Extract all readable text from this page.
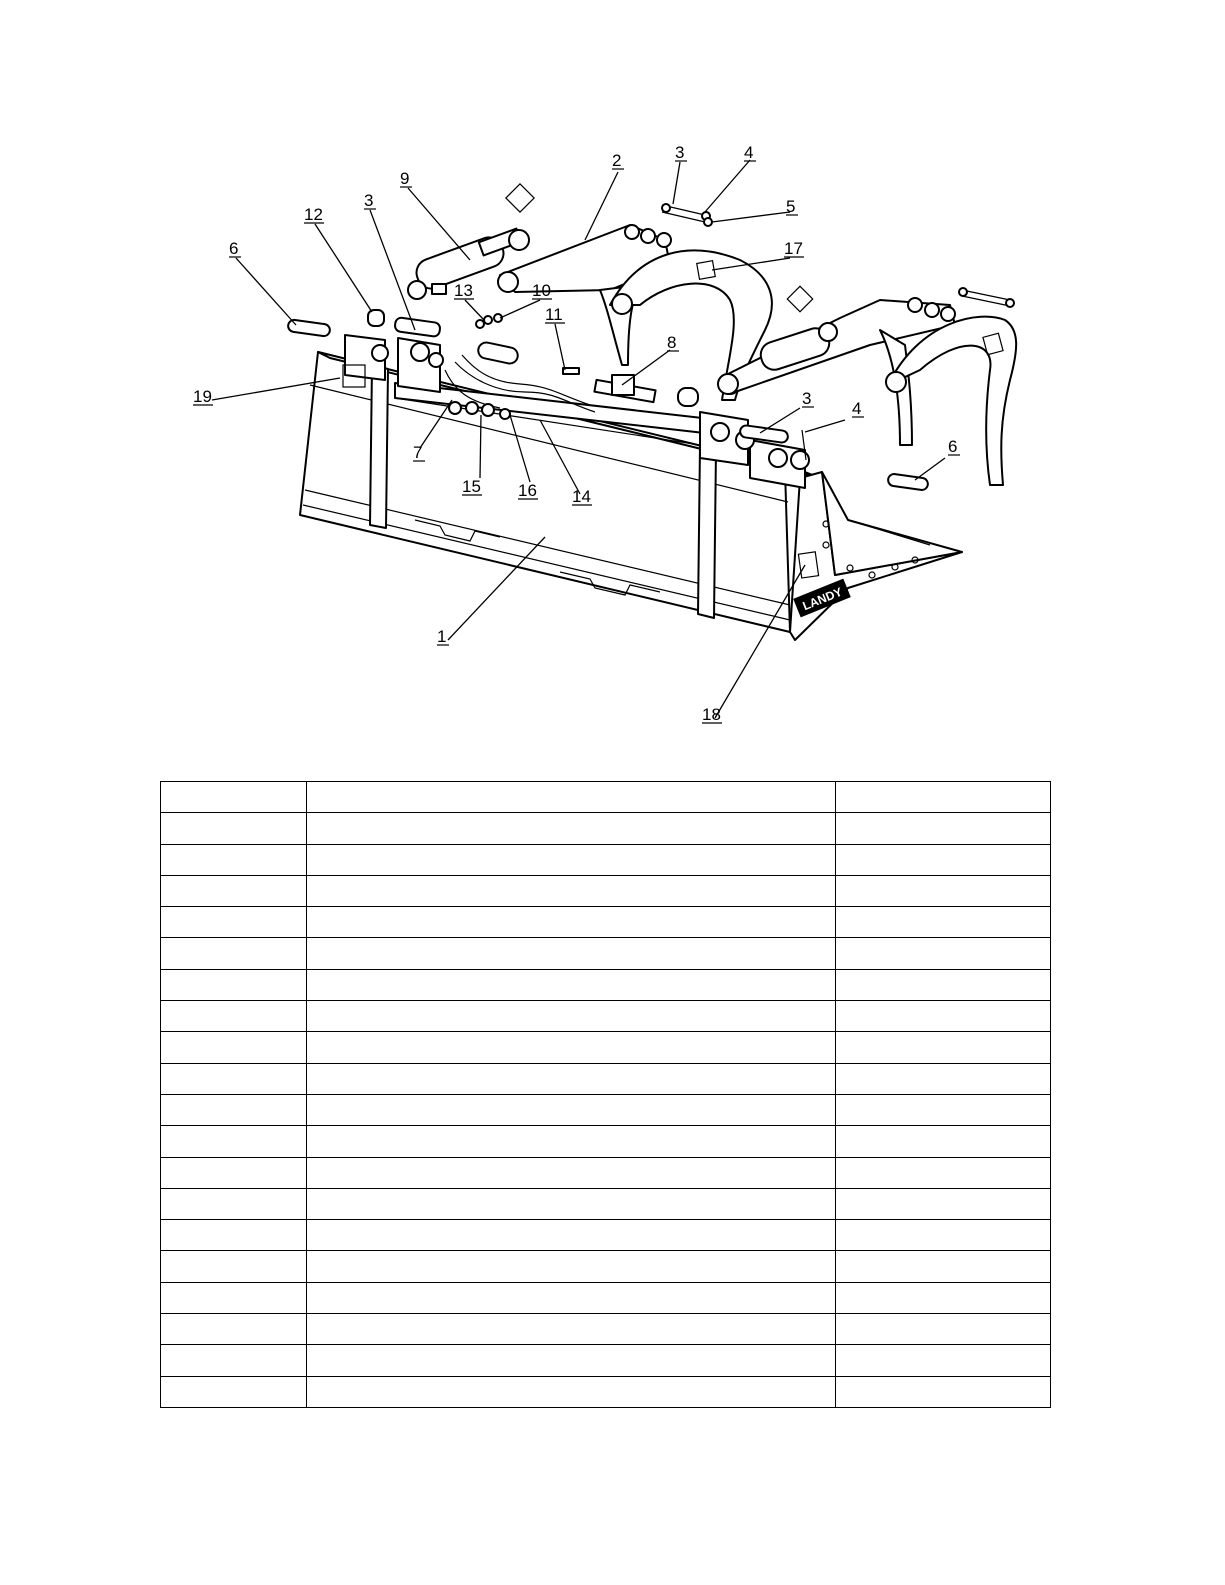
LANDY
1
2	3
3
3
4
4
5
6
6
7
8
9
10
11
12
13
14
15 16
17
18
19
